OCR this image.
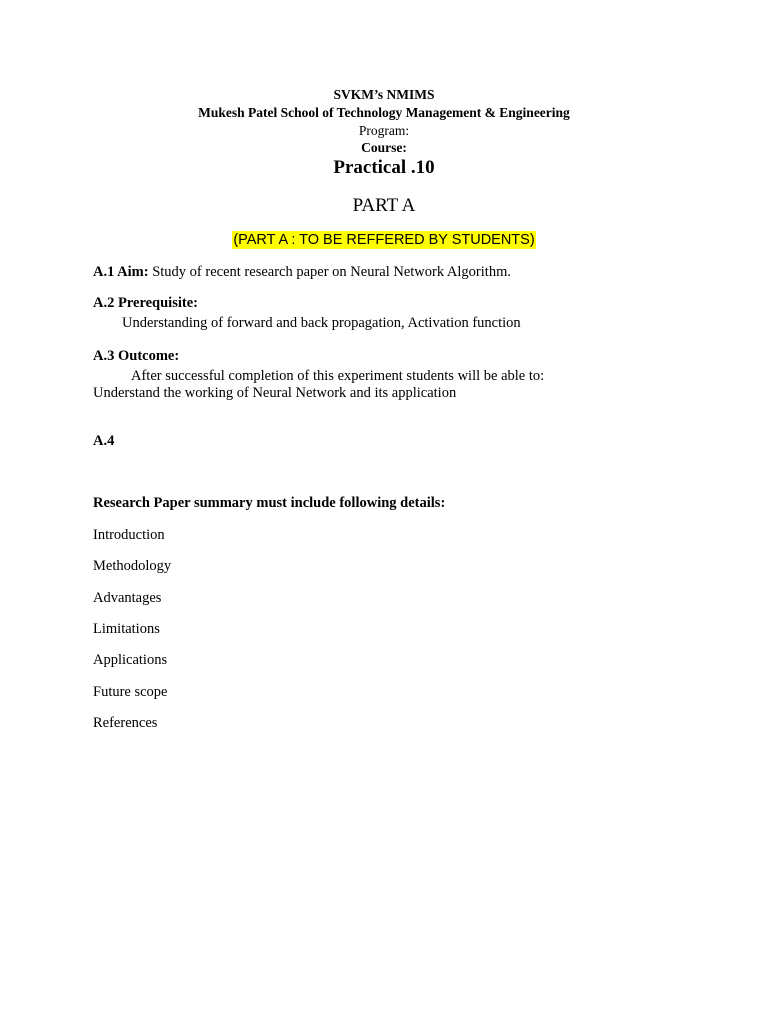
SVKM’s NMIMS
Mukesh Patel School of Technology Management & Engineering
Program:
Course:
Practical .10
PART A
(PART A : TO BE REFFERED BY STUDENTS)
A.1 Aim: Study of recent research paper on Neural Network Algorithm.
A.2 Prerequisite:
Understanding of forward and back propagation, Activation function
A.3 Outcome:
After successful completion of this experiment students will be able to:
Understand the working of Neural Network and its application
A.4
Research Paper summary must include following details:
Introduction
Methodology
Advantages
Limitations
Applications
Future scope
References
